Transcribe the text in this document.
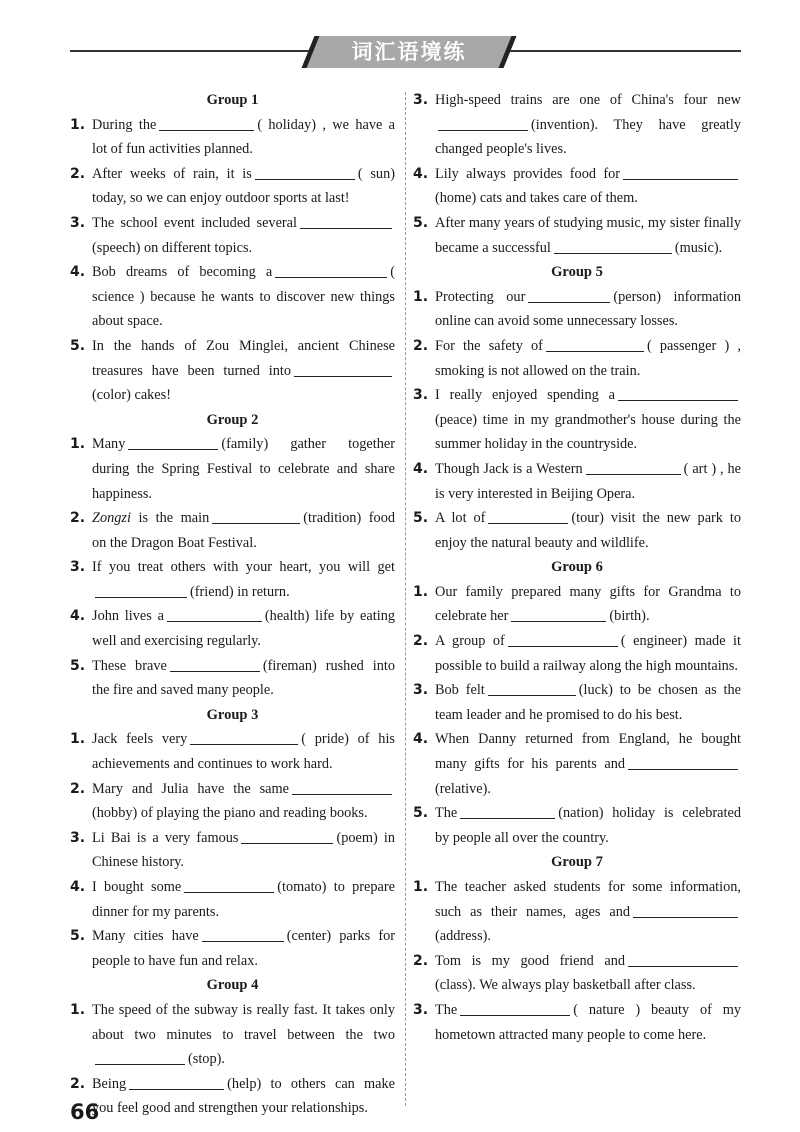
词汇语境练
Group 1
1. During the	( holiday) , we have a lot of fun activities planned.
2. After weeks of rain, it is	( sun) today, so we can enjoy outdoor sports at last!
3. The school event included several(speech) on different topics.
4. Bob dreams of becoming a	( science ) because he wants to discover new things about space.
5. In the hands of Zou Minglei, ancient Chinese treasures have been turned into(color) cakes!
Group 2
1. Many	(family) gather together during the Spring Festival to celebrate and share happiness.
2. Zongzi is the main	(tradition) food on the Dragon Boat Festival.
3. If you treat others with your heart, you will get(friend) in return.
4. John lives a	(health) life by eating well and exercising regularly.
5. These brave	(fireman) rushed into the fire and saved many people.
Group 3
1. Jack feels very	( pride) of his achievements and continues to work hard.
2. Mary and Julia have the same(hobby) of playing the piano and reading books.
3. Li Bai is a very famous	(poem) in Chinese history.
4. I bought some	(tomato) to prepare dinner for my parents.
5. Many cities have	(center) parks for people to have fun and relax.
Group 4
1. The speed of the subway is really fast. It takes only about two minutes to travel between the two(stop).
2. Being	(help) to others can make you feel good and strengthen your relationships.
3. High-speed trains are one of China's four new(invention). They have greatly changed people's lives.
4. Lily always provides food for(home) cats and takes care of them.
5. After many years of studying music, my sister finally became a successful	(music).
Group 5
1. Protecting our	(person) information online can avoid some unnecessary losses.
2. For the safety of	( passenger ) , smoking is not allowed on the train.
3. I really enjoyed spending a(peace) time in my grandmother's house during the summer holiday in the countryside.
4. Though Jack is a Western	( art ) , he is very interested in Beijing Opera.
5. A lot of	(tour) visit the new park to enjoy the natural beauty and wildlife.
Group 6
1. Our family prepared many gifts for Grandma to celebrate her	(birth).
2. A group of	( engineer) made it possible to build a railway along the high mountains.
3. Bob felt	(luck) to be chosen as the team leader and he promised to do his best.
4. When Danny returned from England, he bought many gifts for his parents and(relative).
5. The	(nation) holiday is celebrated by people all over the country.
Group 7
1. The teacher asked students for some information, such as their names, ages and(address).
2. Tom is my good friend and(class). We always play basketball after class.
3. The	( nature ) beauty of my hometown attracted many people to come here.
66
